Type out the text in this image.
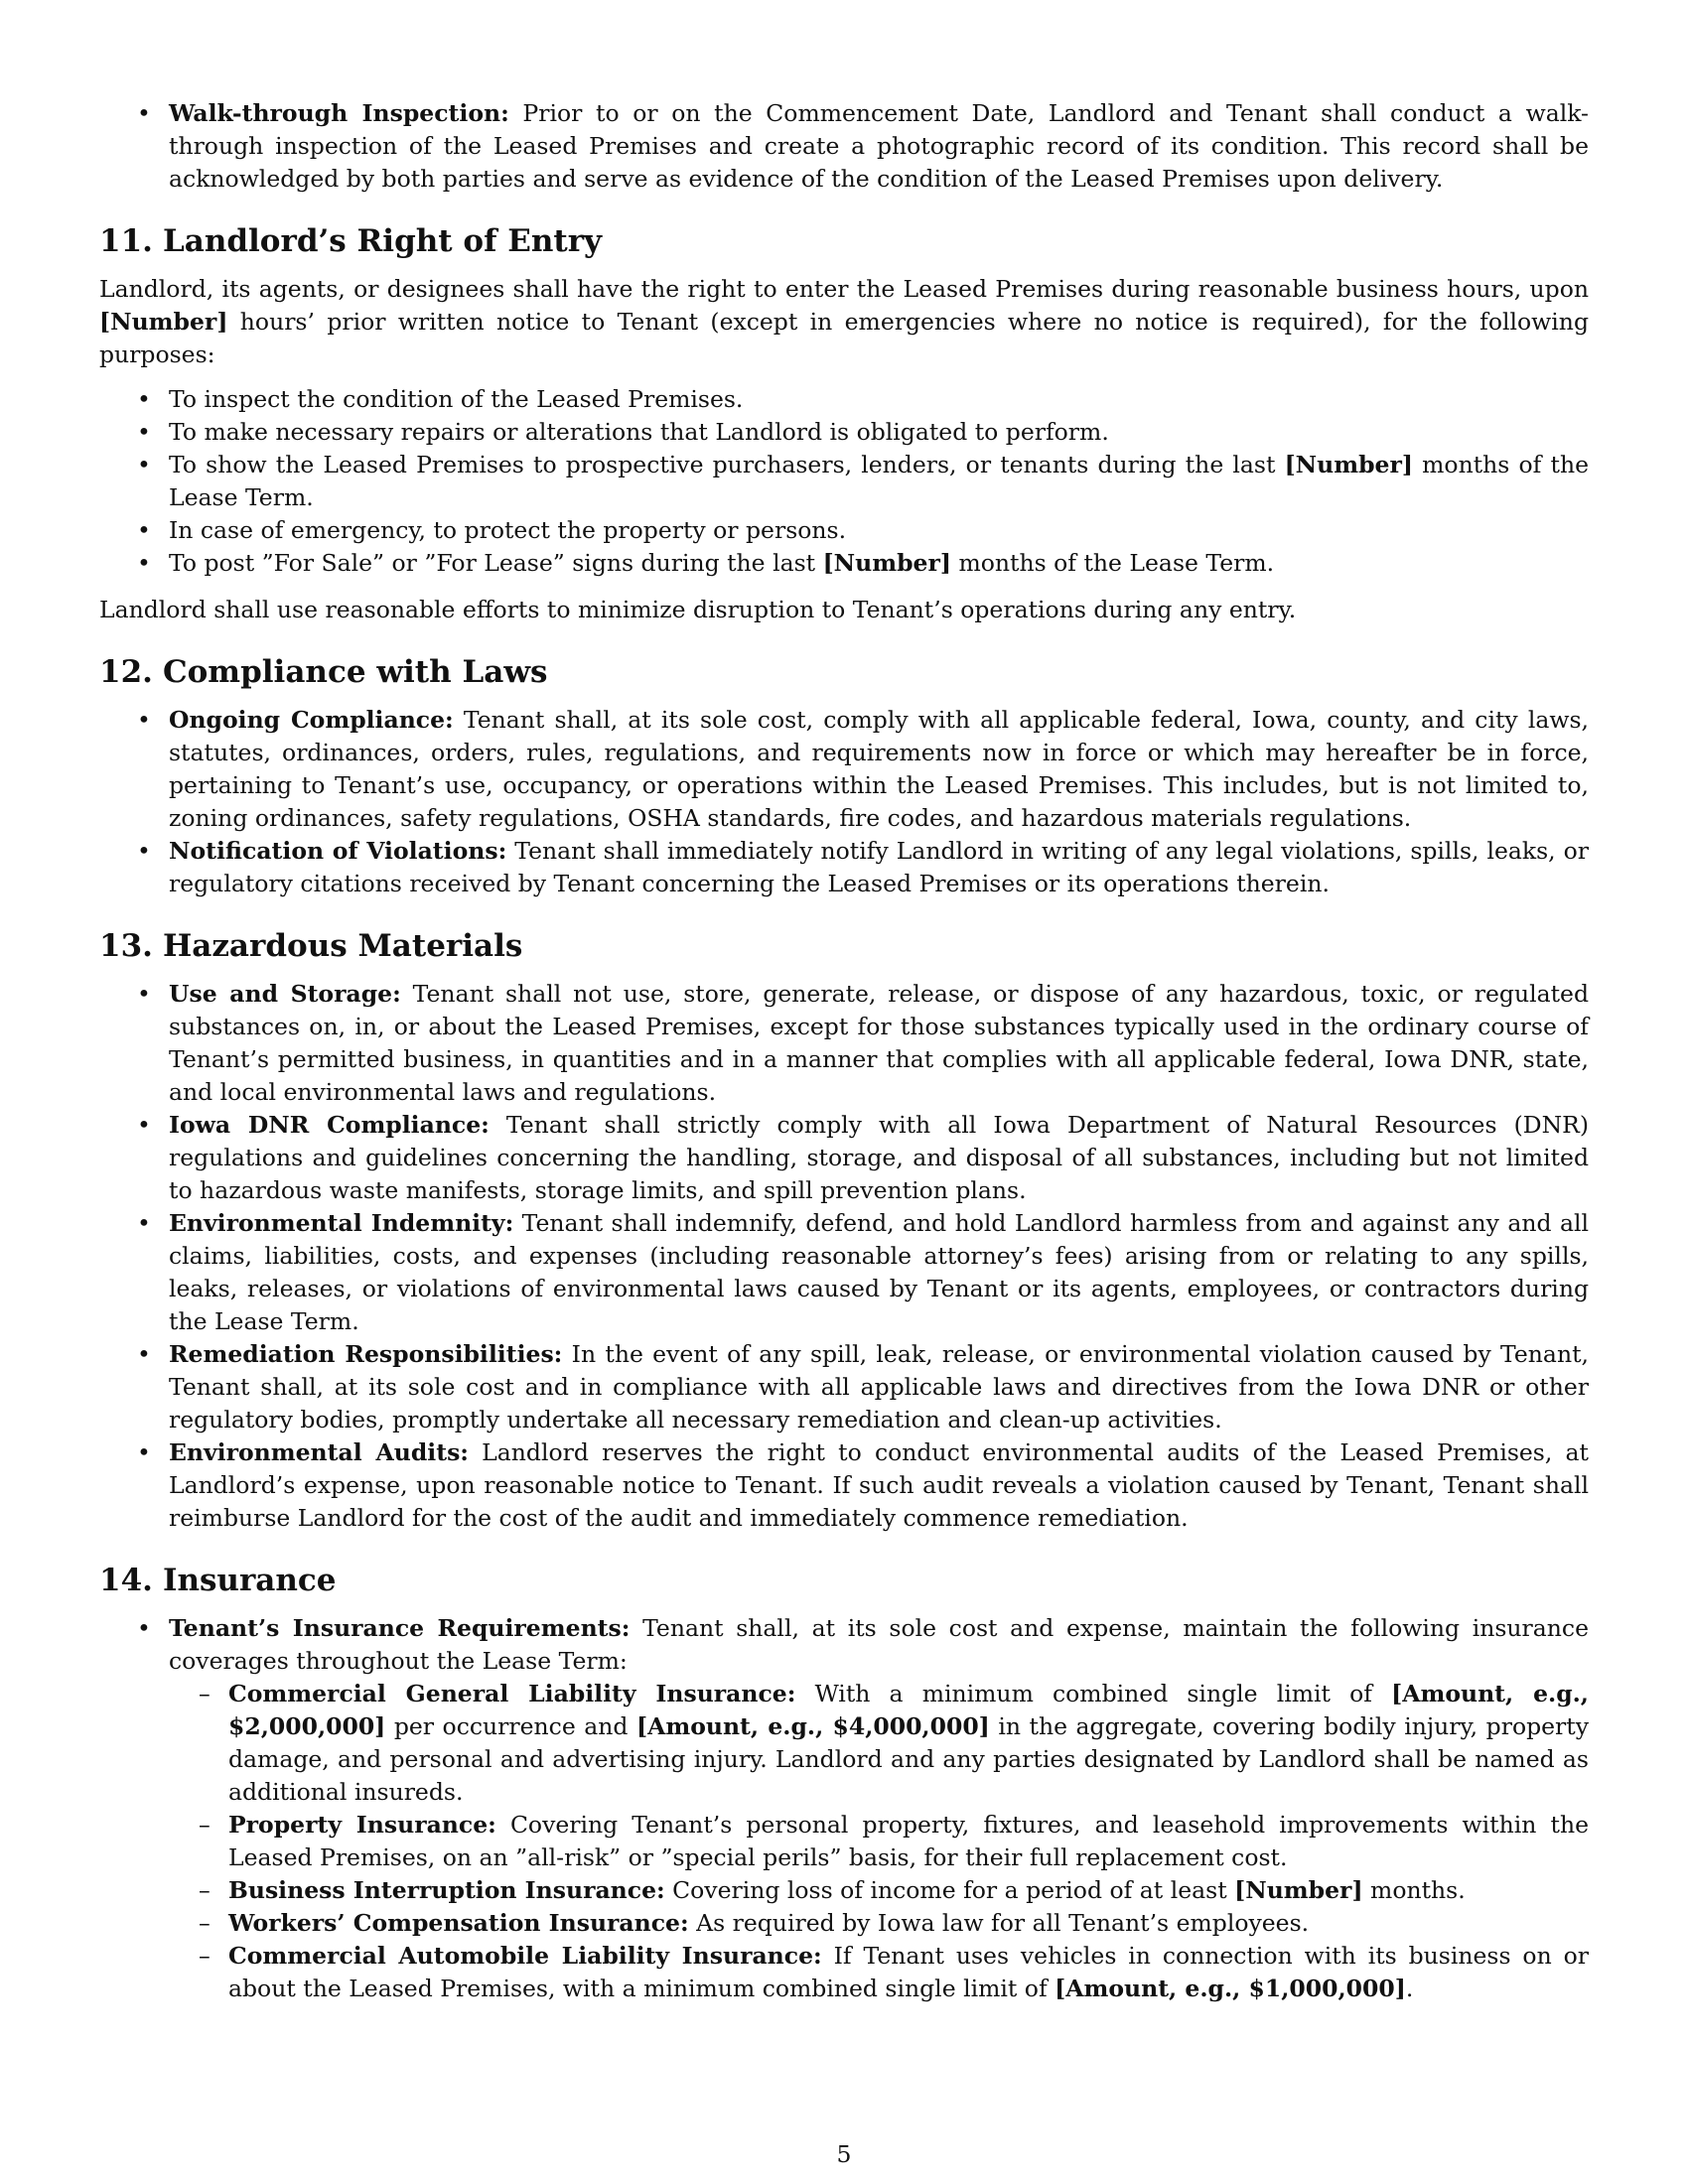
• Walk-through Inspection: Prior to or on the Commencement Date, Landlord and Tenant shall conduct a walk-through inspection of the Leased Premises and create a photographic record of its condition. This record shall be acknowledged by both parties and serve as evidence of the condition of the Leased Premises upon delivery.
11. Landlord’s Right of Entry

Landlord, its agents, or designees shall have the right to enter the Leased Premises during reasonable business hours, upon [Number] hours’ prior written notice to Tenant (except in emergencies where no notice is required), for the following purposes:

• To inspect the condition of the Leased Premises.
• To make necessary repairs or alterations that Landlord is obligated to perform.
• To show the Leased Premises to prospective purchasers, lenders, or tenants during the last [Number] months of the Lease Term.
• In case of emergency, to protect the property or persons.
• To post ”For Sale” or ”For Lease” signs during the last [Number] months of the Lease Term.

Landlord shall use reasonable efforts to minimize disruption to Tenant’s operations during any entry.

12. Compliance with Laws
• Ongoing Compliance: Tenant shall, at its sole cost, comply with all applicable federal, Iowa, county, and city laws, statutes, ordinances, orders, rules, regulations, and requirements now in force or which may hereafter be in force, pertaining to Tenant’s use, occupancy, or operations within the Leased Premises. This includes, but is not limited to, zoning ordinances, safety regulations, OSHA standards, fire codes, and hazardous materials regulations.
• Notification of Violations: Tenant shall immediately notify Landlord in writing of any legal violations, spills, leaks, or regulatory citations received by Tenant concerning the Leased Premises or its operations therein.
13. Hazardous Materials
• Use and Storage: Tenant shall not use, store, generate, release, or dispose of any hazardous, toxic, or regulated substances on, in, or about the Leased Premises, except for those substances typically used in the ordinary course of Tenant’s permitted business, in quantities and in a manner that complies with all applicable federal, Iowa DNR, state, and local environmental laws and regulations.
• Iowa DNR Compliance: Tenant shall strictly comply with all Iowa Department of Natural Resources (DNR) regulations and guidelines concerning the handling, storage, and disposal of all substances, including but not limited to hazardous waste manifests, storage limits, and spill prevention plans.
• Environmental Indemnity: Tenant shall indemnify, defend, and hold Landlord harmless from and against any and all claims, liabilities, costs, and expenses (including reasonable attorney’s fees) arising from or relating to any spills, leaks, releases, or violations of environmental laws caused by Tenant or its agents, employees, or contractors during the Lease Term.
• Remediation Responsibilities: In the event of any spill, leak, release, or environmental violation caused by Tenant, Tenant shall, at its sole cost and in compliance with all applicable laws and directives from the Iowa DNR or other regulatory bodies, promptly undertake all necessary remediation and clean-up activities.
• Environmental Audits: Landlord reserves the right to conduct environmental audits of the Leased Premises, at Landlord’s expense, upon reasonable notice to Tenant. If such audit reveals a violation caused by Tenant, Tenant shall reimburse Landlord for the cost of the audit and immediately commence remediation.
14. Insurance
• Tenant’s Insurance Requirements: Tenant shall, at its sole cost and expense, maintain the following insurance coverages throughout the Lease Term:
– Commercial General Liability Insurance: With a minimum combined single limit of [Amount, e.g., $2,000,000] per occurrence and [Amount, e.g., $4,000,000] in the aggregate, covering bodily injury, property damage, and personal and advertising injury. Landlord and any parties designated by Landlord shall be named as additional insureds.
– Property Insurance: Covering Tenant’s personal property, fixtures, and leasehold improvements within the Leased Premises, on an ”all-risk” or ”special perils” basis, for their full replacement cost.
– Business Interruption Insurance: Covering loss of income for a period of at least [Number] months.
– Workers’ Compensation Insurance: As required by Iowa law for all Tenant’s employees.
– Commercial Automobile Liability Insurance: If Tenant uses vehicles in connection with its business on or about the Leased Premises, with a minimum combined single limit of [Amount, e.g., $1,000,000].
5
